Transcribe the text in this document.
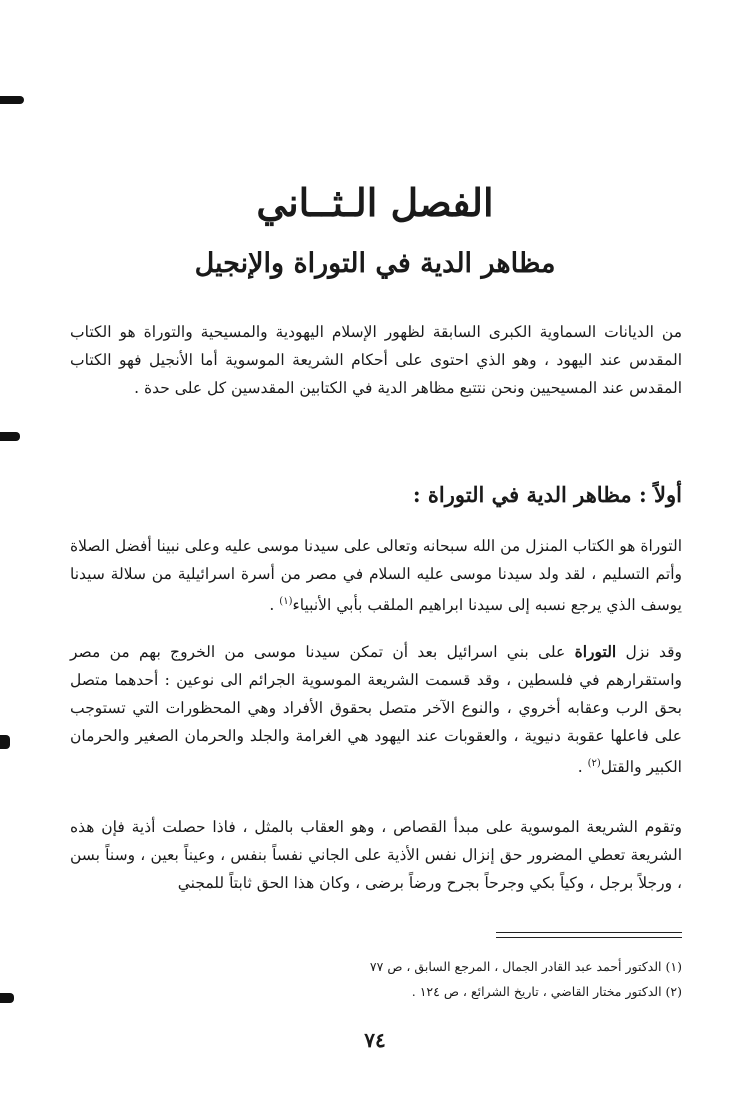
الفصل الـثــاني
مظاهر الدية في التوراة والإنجيل
من الديانات السماوية الكبرى السابقة لظهور الإسلام اليهودية والمسيحية والتوراة هو الكتاب المقدس عند اليهود ، وهو الذي احتوى على أحكام الشريعة الموسوية أما الأنجيل فهو الكتاب المقدس عند المسيحيين ونحن نتتبع مظاهر الدية في الكتابين المقدسين كل على حدة .
أولاً : مظاهر الدية في التوراة :
التوراة هو الكتاب المنزل من الله سبحانه وتعالى على سيدنا موسى عليه وعلى نبينا أفضل الصلاة وأتم التسليم ، لقد ولد سيدنا موسى عليه السلام في مصر من أسرة اسرائيلية من سلالة سيدنا يوسف الذي يرجع نسبه إلى سيدنا ابراهيم الملقب بأبي الأنبياء$^{(١)}$ .
وقد نزل التوراة على بني اسرائيل بعد أن تمكن سيدنا موسى من الخروج بهم من مصر واستقرارهم في فلسطين ، وقد قسمت الشريعة الموسوية الجرائم الى نوعين : أحدهما متصل بحق الرب وعقابه أخروي ، والنوع الآخر متصل بحقوق الأفراد وهي المحظورات التي تستوجب على فاعلها عقوبة دنيوية ، والعقوبات عند اليهود هي الغرامة والجلد والحرمان الصغير والحرمان الكبير والقتل$^{(٢)}$ .
وتقوم الشريعة الموسوية على مبدأ القصاص ، وهو العقاب بالمثل ، فاذا حصلت أذية فإن هذه الشريعة تعطي المضرور حق إنزال نفس الأذية على الجاني نفساً بنفس ، وعيناً بعين ، وسناً بسن ، ورجلاً برجل ، وكياً بكي وجرحاً بجرح ورضاً برضى ، وكان هذا الحق ثابتاً للمجني
(١) الدكتور أحمد عبد القادر الجمال ، المرجع السابق ، ص ٧٧
(٢) الدكتور مختار القاضي ، تاريخ الشرائع ، ص ١٢٤ .
٧٤
